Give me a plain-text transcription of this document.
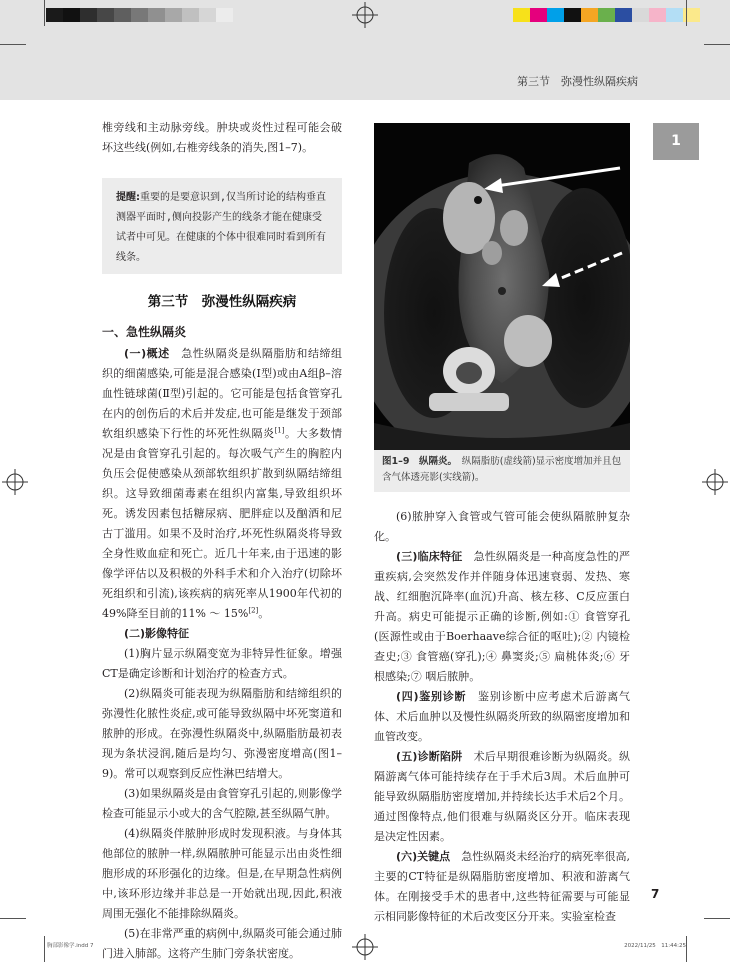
第三节　弥漫性纵隔疾病
1

椎旁线和主动脉旁线。肿块或炎性过程可能会破坏这些线(例如,右椎旁线条的消失,图1–7)。

提醒:重要的是要意识到,仅当所讨论的结构垂直测器平面时,侧向投影产生的线条才能在健康受试者中可见。在健康的个体中很难同时看到所有线条。
第三节　弥漫性纵隔疾病
一、急性纵隔炎

(一)概述　 急性纵隔炎是纵隔脂肪和结缔组织的细菌感染,可能是混合感染(Ⅰ型)或由A组β–溶血性链球菌(Ⅱ型)引起的。它可能是包括食管穿孔在内的创伤后的术后并发症,也可能是继发于颈部软组织感染下行性的坏死性纵隔炎[1]。大多数情况是由食管穿孔引起的。每次吸气产生的胸腔内负压会促使感染从颈部软组织扩散到纵隔结缔组织。这导致细菌毒素在组织内富集,导致组织坏死。诱发因素包括糖尿病、肥胖症以及酗酒和尼古丁滥用。如果不及时治疗,坏死性纵隔炎将导致全身性败血症和死亡。近几十年来,由于迅速的影像学评估以及积极的外科手术和介入治疗(切除坏死组织和引流),该疾病的病死率从1900年代初的49%降至目前的11% ～ 15%[2]。

(二)影像特征

(1)胸片显示纵隔变宽为非特异性征象。增强CT是确定诊断和计划治疗的检查方式。

(2)纵隔炎可能表现为纵隔脂肪和结缔组织的弥漫性化脓性炎症,或可能导致纵隔中坏死窦道和脓肿的形成。在弥漫性纵隔炎中,纵隔脂肪最初表现为条状浸润,随后是均匀、弥漫密度增高(图1–9)。常可以观察到反应性淋巴结增大。

(3)如果纵隔炎是由食管穿孔引起的,则影像学检查可能显示小或大的含气腔隙,甚至纵隔气肿。

(4)纵隔炎伴脓肿形成时发现积液。与身体其他部位的脓肿一样,纵隔脓肿可能显示出由炎性细胞形成的环形强化的边缘。但是,在早期急性病例中,该环形边缘并非总是一开始就出现,因此,积液周围无强化不能排除纵隔炎。

(5)在非常严重的病例中,纵隔炎可能会通过肺门进入肺部。这将产生肺门旁条状密度。

图1–9　纵隔炎。　 纵隔脂肪(虚线箭)显示密度增加并且包含气体透亮影(实线箭)。

(6)脓肿穿入食管或气管可能会使纵隔脓肿复杂化。

(三)临床特征　 急性纵隔炎是一种高度急性的严重疾病,会突然发作并伴随身体迅速衰弱、发热、寒战、红细胞沉降率(血沉)升高、核左移、C反应蛋白升高。病史可能提示正确的诊断,例如:① 食管穿孔(医源性或由于Boerhaave综合征的呕吐);② 内镜检查史;③ 食管癌(穿孔);④ 鼻窦炎;⑤ 扁桃体炎;⑥ 牙根感染;⑦ 咽后脓肿。

(四)鉴别诊断　 鉴别诊断中应考虑术后游离气体、术后血肿以及慢性纵隔炎所致的纵隔密度增加和血管改变。

(五)诊断陷阱　 术后早期很难诊断为纵隔炎。纵隔游离气体可能持续存在于手术后3周。术后血肿可能导致纵隔脂肪密度增加,并持续长达手术后2个月。通过图像特点,他们很难与纵隔炎区分开。临床表现是决定性因素。

(六)关键点　 急性纵隔炎未经治疗的病死率很高,主要的CT特征是纵隔脂肪密度增加、积液和游离气体。在刚接受手术的患者中,这些特征需要与可能显示相同影像特征的术后改变区分开来。实验室检查

7
胸部影像学.indd 7	2022/11/25　11:44:25
